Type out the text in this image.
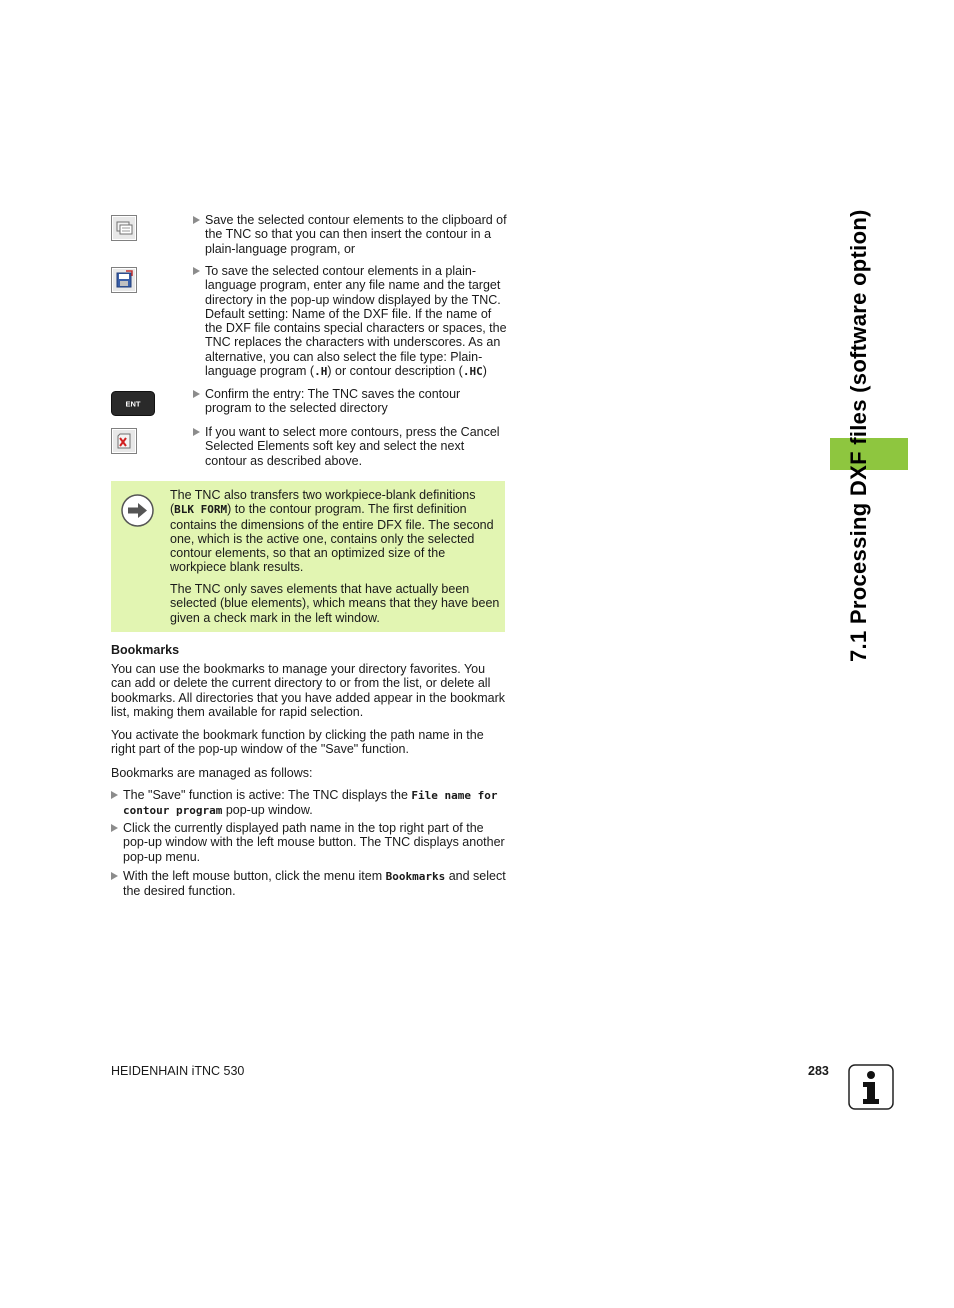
Save the selected contour elements to the clipboard of the TNC so that you can then insert the contour in a plain-language program, or
To save the selected contour elements in a plain-language program, enter any file name and the target directory in the pop-up window displayed by the TNC. Default setting: Name of the DXF file. If the name of the DXF file contains special characters or spaces, the TNC replaces the characters with underscores. As an alternative, you can also select the file type: Plain-language program (.H) or contour description (.HC)
ENT
Confirm the entry: The TNC saves the contour program to the selected directory
If you want to select more contours, press the Cancel Selected Elements soft key and select the next contour as described above.

The TNC also transfers two workpiece-blank definitions (BLK FORM) to the contour program. The first definition contains the dimensions of the entire DFX file. The second one, which is the active one, contains only the selected contour elements, so that an optimized size of the workpiece blank results.

The TNC only saves elements that have actually been selected (blue elements), which means that they have been given a check mark in the left window.

Bookmarks

You can use the bookmarks to manage your directory favorites. You can add or delete the current directory to or from the list, or delete all bookmarks. All directories that you have added appear in the bookmark list, making them available for rapid selection.

You activate the bookmark function by clicking the path name in the right part of the pop-up window of the "Save" function.

Bookmarks are managed as follows:

The "Save" function is active: The TNC displays the File name for contour program pop-up window.
Click the currently displayed path name in the top right part of the pop-up window with the left mouse button. The TNC displays another pop-up menu.
With the left mouse button, click the menu item Bookmarks and select the desired function.
7.1 Processing DXF files (software option)
HEIDENHAIN iTNC 530	283
